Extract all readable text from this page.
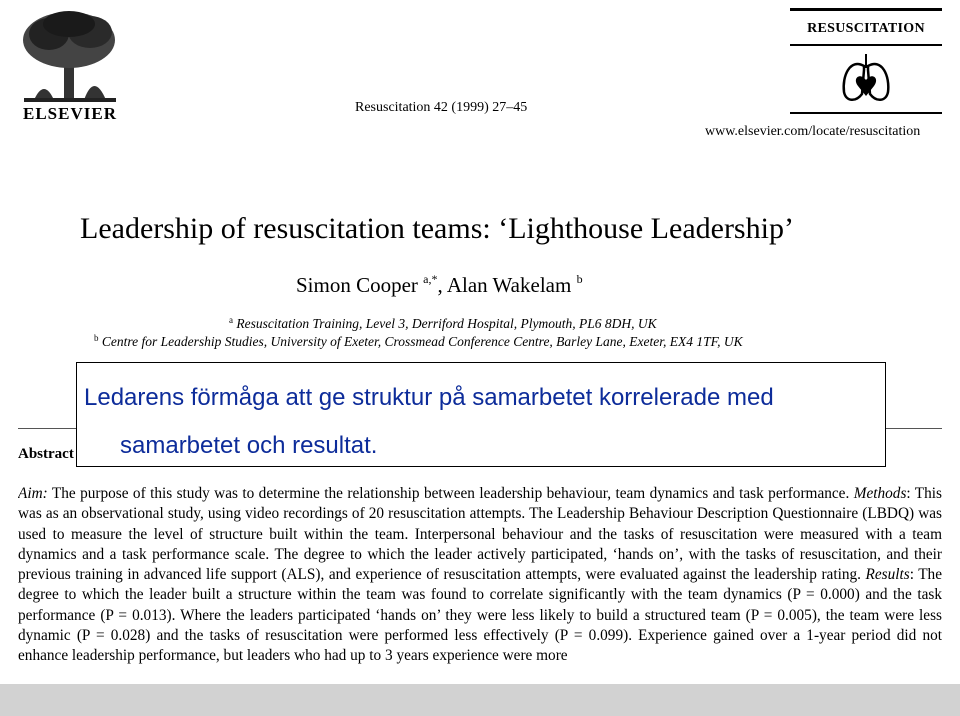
ELSEVIER	Resuscitation 42 (1999) 27–45
RESUSCITATION
www.elsevier.com/locate/resuscitation
Leadership of resuscitation teams: ‘Lighthouse Leadership’
Simon Cooper $^{a,*}$, Alan Wakelam $^b$
$^a$ Resuscitation Training, Level 3, Derriford Hospital, Plymouth, PL6 8DH, UK
$^b$ Centre for Leadership Studies, University of Exeter, Crossmead Conference Centre, Barley Lane, Exeter, EX4 1TF, UK
Abstract
Aim: The purpose of this study was to determine the relationship between leadership behaviour, team dynamics and task performance. Methods: This was as an observational study, using video recordings of 20 resuscitation attempts. The Leadership Behaviour Description Questionnaire (LBDQ) was used to measure the level of structure built within the team. Interpersonal behaviour and the tasks of resuscitation were measured with a team dynamics and a task performance scale. The degree to which the leader actively participated, ‘hands on’, with the tasks of resuscitation, and their previous training in advanced life support (ALS), and experience of resuscitation attempts, were evaluated against the leadership rating. Results: The degree to which the leader built a structure within the team was found to correlate significantly with the team dynamics (P = 0.000) and the task performance (P = 0.013). Where the leaders participated ‘hands on’ they were less likely to build a structured team (P = 0.005), the team were less dynamic (P = 0.028) and the tasks of resuscitation were performed less effectively (P = 0.099). Experience gained over a 1-year period did not enhance leadership performance, but leaders who had up to 3 years experience were more
Ledarens förmåga att ge struktur på samarbetet korrelerade med
samarbetet och resultat.
